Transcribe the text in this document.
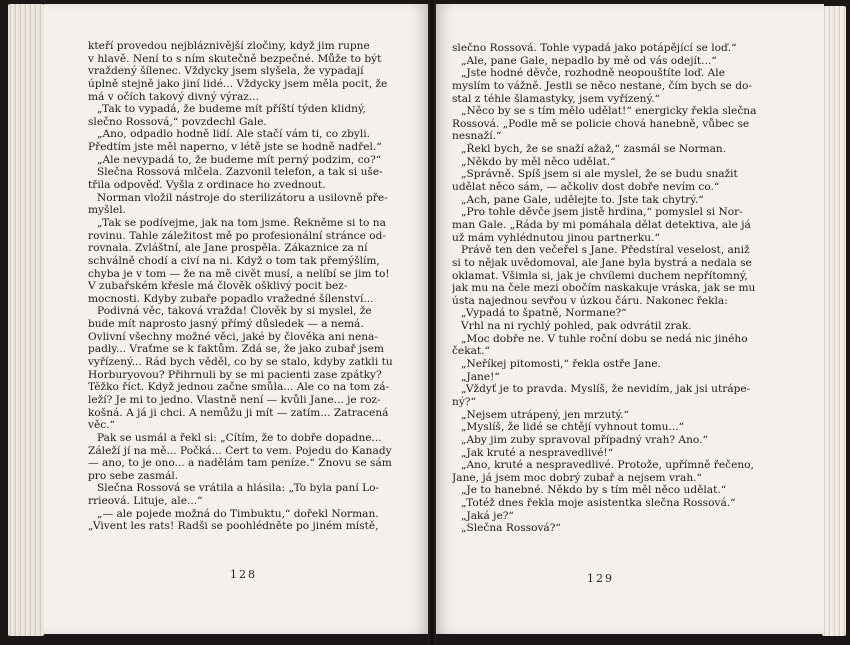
kteří provedou nejbláznivější zločiny, když jim rupne
v hlavě. Není to s ním skutečně bezpečné. Může to být
vraždený šílenec. Vždycky jsem slyšela, že vypadají
úplně stejně jako jiní lidé... Vždycky jsem měla pocit, že
má v očích takový divný výraz...
„Tak to vypadá, že budeme mít příští týden klidný,
slečno Rossová,“ povzdechl Gale.
„Ano, odpadlo hodně lidí. Ale stačí vám ti, co zbyli.
Předtím jste měl naperno, v létě jste se hodně nadřel.“
„Ale nevypadá to, že budeme mít perný podzim, co?“
Slečna Rossová mlčela. Zazvonil telefon, a tak si uše-
třila odpověď. Vyšla z ordinace ho zvednout.
Norman vložil nástroje do sterilizátoru a usilovně pře-
myšlel.
„Tak se podívejme, jak na tom jsme. Řekněme si to na
rovinu. Tahle záležitost mě po profesionální stránce od-
rovnala. Zvláštní, ale Jane prospěla. Zákaznice za ní
schválně chodí a civí na ni. Když o tom tak přemýšlím,
chyba je v tom — že na mě civět musí, a nelíbí se jim to!
V zubařském křesle má člověk ošklivý pocit bez-
mocnosti. Kdyby zubaře popadlo vražedné šílenství...
Podivná věc, taková vražda! Člověk by si myslel, že
bude mít naprosto jasný přímý důsledek — a nemá.
Ovlivní všechny možné věci, jaké by člověka ani nena-
padly... Vraťme se k faktům. Zdá se, že jako zubař jsem
vyřízený... Rád bych věděl, co by se stalo, kdyby zatkli tu
Horburyovou? Přihrnuli by se mi pacienti zase zpátky?
Těžko říct. Když jednou začne smůla... Ale co na tom zá-
leží? Je mi to jedno. Vlastně není — kvůli Jane... je roz-
košná. A já ji chci. A nemůžu ji mít — zatím... Zatracená
věc.“
Pak se usmál a řekl si: „Cítím, že to dobře dopadne...
Záleží jí na mě... Počká... Čert to vem. Pojedu do Kanady
— ano, to je ono... a nadělám tam peníze.“ Znovu se sám
pro sebe zasmál.
Slečna Rossová se vrátila a hlásila: „To byla paní Lo-
rrieová. Lituje, ale...“
„— ale pojede možná do Timbuktu,“ dořekl Norman.
„Vivent les rats! Radši se poohlédněte po jiném místě,
128
slečno Rossová. Tohle vypadá jako potápějící se loď.“
„Ale, pane Gale, nepadlo by mě od vás odejít...“
„Jste hodné děvče, rozhodně neopouštíte loď. Ale
myslím to vážně. Jestli se něco nestane, čím bych se do-
stal z téhle šlamastyky, jsem vyřízený.“
„Něco by se s tím mělo udělat!“ energicky řekla slečna
Rossová. „Podle mě se policie chová hanebně, vůbec se
nesnaží.“
„Řekl bych, že se snaží ažaž,“ zasmál se Norman.
„Někdo by měl něco udělat.“
„Správně. Spíš jsem si ale myslel, že se budu snažit
udělat něco sám, — ačkoliv dost dobře nevím co.“
„Ach, pane Gale, udělejte to. Jste tak chytrý.“
„Pro tohle děvče jsem jistě hrdina,“ pomyslel si Nor-
man Gale. „Ráda by mi pomáhala dělat detektiva, ale já
už mám vyhlédnutou jinou partnerku.“
Právě ten den večeřel s Jane. Předstíral veselost, aniž
si to nějak uvědomoval, ale Jane byla bystrá a nedala se
oklamat. Všimla si, jak je chvílemi duchem nepřítomný,
jak mu na čele mezi obočím naskakuje vráska, jak se mu
ústa najednou sevřou v úzkou čáru. Nakonec řekla:
„Vypadá to špatně, Normane?“
Vrhl na ni rychlý pohled, pak odvrátil zrak.
„Moc dobře ne. V tuhle roční dobu se nedá nic jiného
čekat.“
„Neříkej pitomosti,“ řekla ostře Jane.
„Jane!“
„Vždyť je to pravda. Myslíš, že nevidím, jak jsi utrápe-
ný?“
„Nejsem utrápený, jen mrzutý.“
„Myslíš, že lidé se chtějí vyhnout tomu...“
„Aby jim zuby spravoval případný vrah? Ano.“
„Jak kruté a nespravedlivé!“
„Ano, kruté a nespravedlivé. Protože, upřímně řečeno,
Jane, já jsem moc dobrý zubař a nejsem vrah.“
„Je to hanebné. Někdo by s tím měl něco udělat.“
„Totéž dnes řekla moje asistentka slečna Rossová.“
„Jaká je?“
„Slečna Rossová?“
129
